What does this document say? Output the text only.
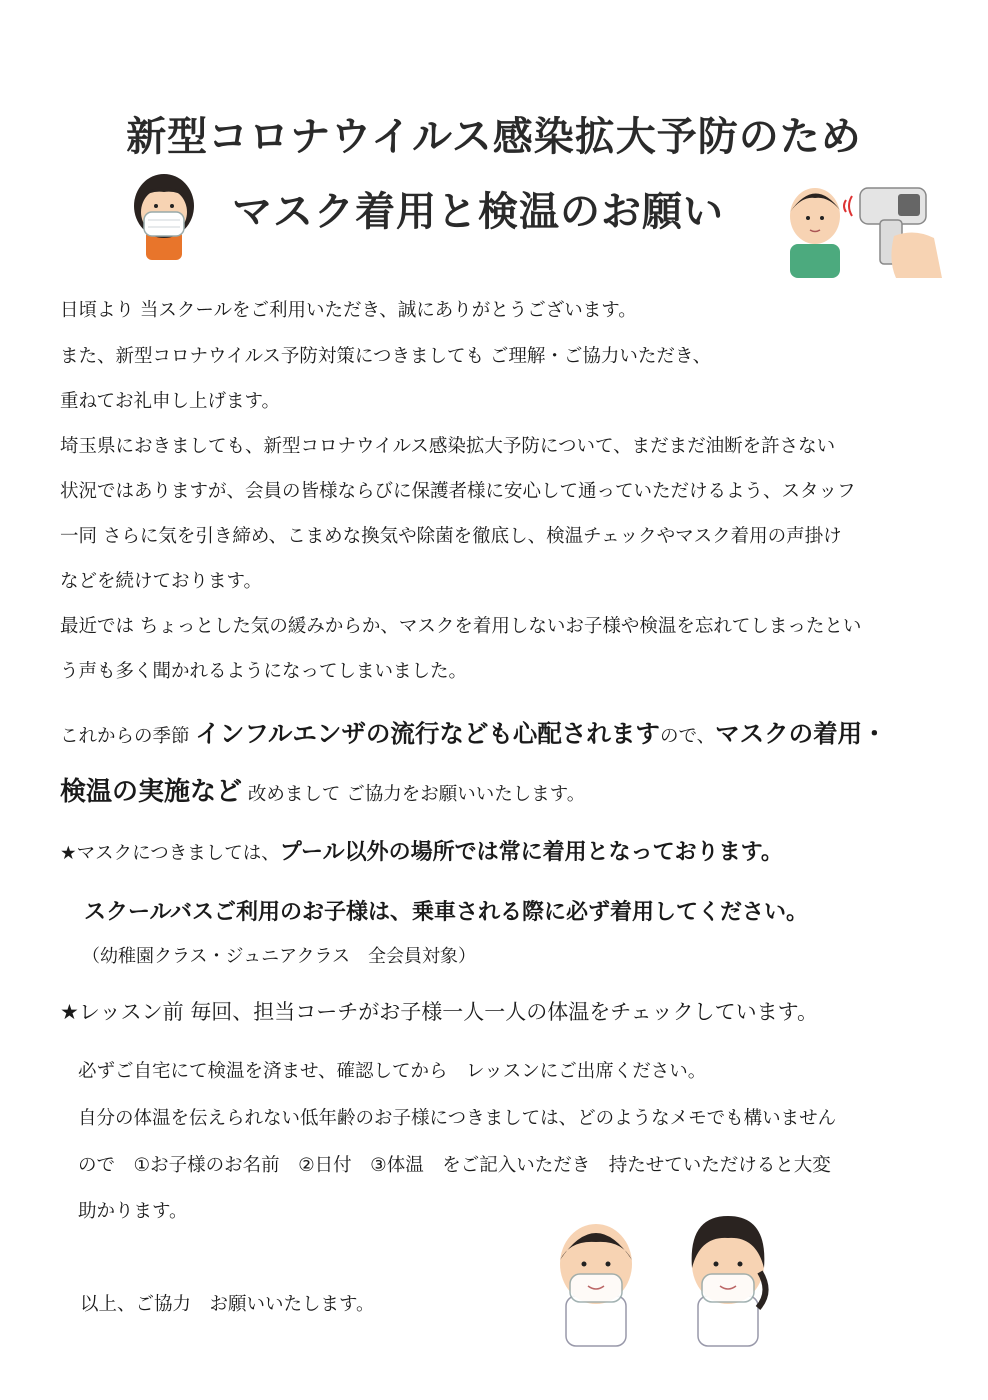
新型コロナウイルス感染拡大予防のため
マスク着用と検温のお願い
日頃より 当スクールをご利用いただき、誠にありがとうございます。
また、新型コロナウイルス予防対策につきましても ご理解・ご協力いただき、
重ねてお礼申し上げます。
埼玉県におきましても、新型コロナウイルス感染拡大予防について、まだまだ油断を許さない
状況ではありますが、会員の皆様ならびに保護者様に安心して通っていただけるよう、スタッフ
一同 さらに気を引き締め、こまめな換気や除菌を徹底し、検温チェックやマスク着用の声掛け
などを続けております。
最近では ちょっとした気の緩みからか、マスクを着用しないお子様や検温を忘れてしまったとい
う声も多く聞かれるようになってしまいました。
これからの季節 インフルエンザの流行なども心配されますので、マスクの着用・
検温の実施など 改めまして ご協力をお願いいたします。
★マスクにつきましては、プール以外の場所では常に着用となっております。
スクールバスご利用のお子様は、乗車される際に必ず着用してください。
（幼稚園クラス・ジュニアクラス　全会員対象）
★レッスン前 毎回、担当コーチがお子様一人一人の体温をチェックしています。
必ずご自宅にて検温を済ませ、確認してから　レッスンにご出席ください。
自分の体温を伝えられない低年齢のお子様につきましては、どのようなメモでも構いません
ので　①お子様のお名前　②日付　③体温　をご記入いただき　持たせていただけると大変
助かります。
以上、ご協力　お願いいたします。
